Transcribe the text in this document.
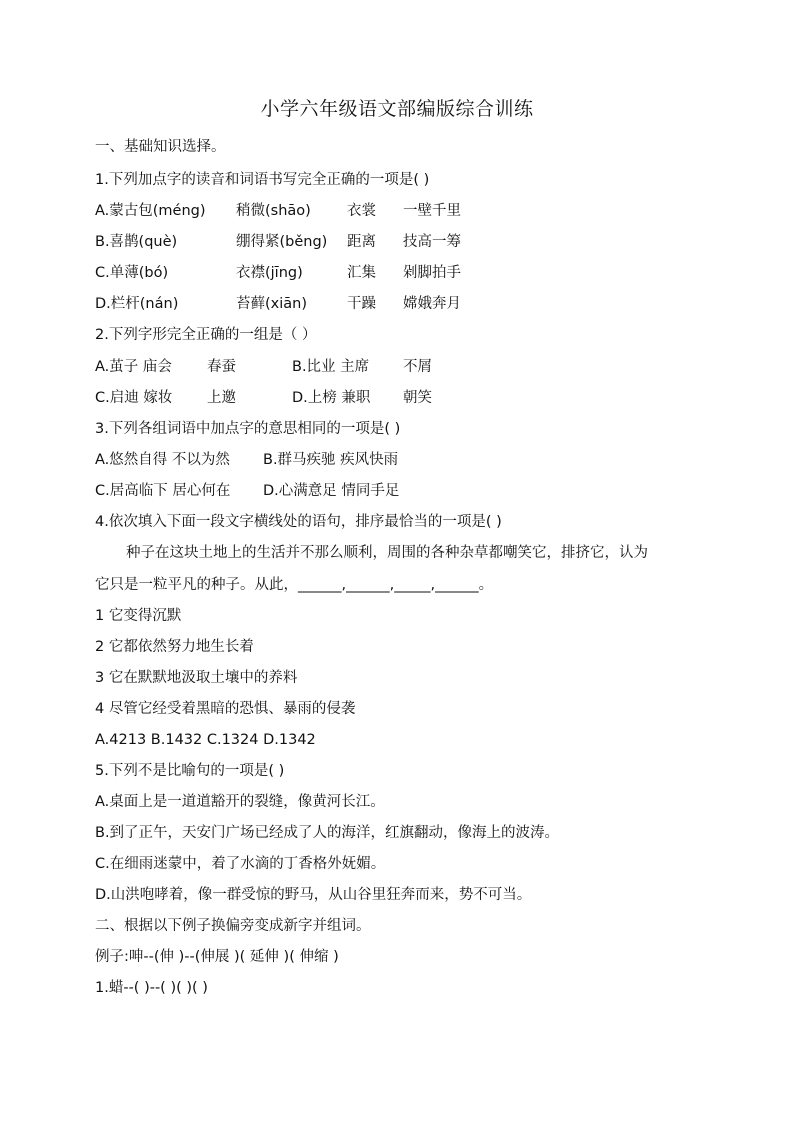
小学六年级语文部编版综合训练
一、基础知识选择。
1.下列加点字的读音和词语书写完全正确的一项是( )
A.蒙古包(méng) 稍微(shāo) 衣裳 一壁千里
B.喜鹊(què)	绷得紧(běng) 距离 技高一筹
C.单薄(bó)	衣襟(jīng)	汇集 剁脚拍手
D.栏杆(nán)	苔藓(xiān)	干躁 嫦娥奔月
2.下列字形完全正确的一组是（ ）
A.茧子 庙会 春蚕	B.比业 主席 不屑
C.启迪 嫁妆 上邀	D.上榜 兼职 朝笑
3.下列各组词语中加点字的意思相同的一项是( )
A.悠然自得 不以为然 B.群马疾驰 疾风快雨
C.居高临下 居心何在 D.心满意足 情同手足
4.依次填入下面一段文字横线处的语句，排序最恰当的一项是( )
种子在这块土地上的生活并不那么顺利，周围的各种杂草都嘲笑它，排挤它，认为
它只是一粒平凡的种子。从此，______,______,_____,______。
1 它变得沉默
2 它都依然努力地生长着
3 它在默默地汲取土壤中的养料
4 尽管它经受着黑暗的恐惧、暴雨的侵袭
A.4213 B.1432 C.1324 D.1342
5.下列不是比喻句的一项是( )
A.桌面上是一道道豁开的裂缝，像黄河长江。
B.到了正午，天安门广场已经成了人的海洋，红旗翻动，像海上的波涛。
C.在细雨迷蒙中，着了水滴的丁香格外妩媚。
D.山洪咆哮着，像一群受惊的野马，从山谷里狂奔而来，势不可当。
二、根据以下例子换偏旁变成新字并组词。
例子:呻--(伸 )--(伸展 )( 延伸 )( 伸缩 )
1.蜡--( )--( )( )( )
